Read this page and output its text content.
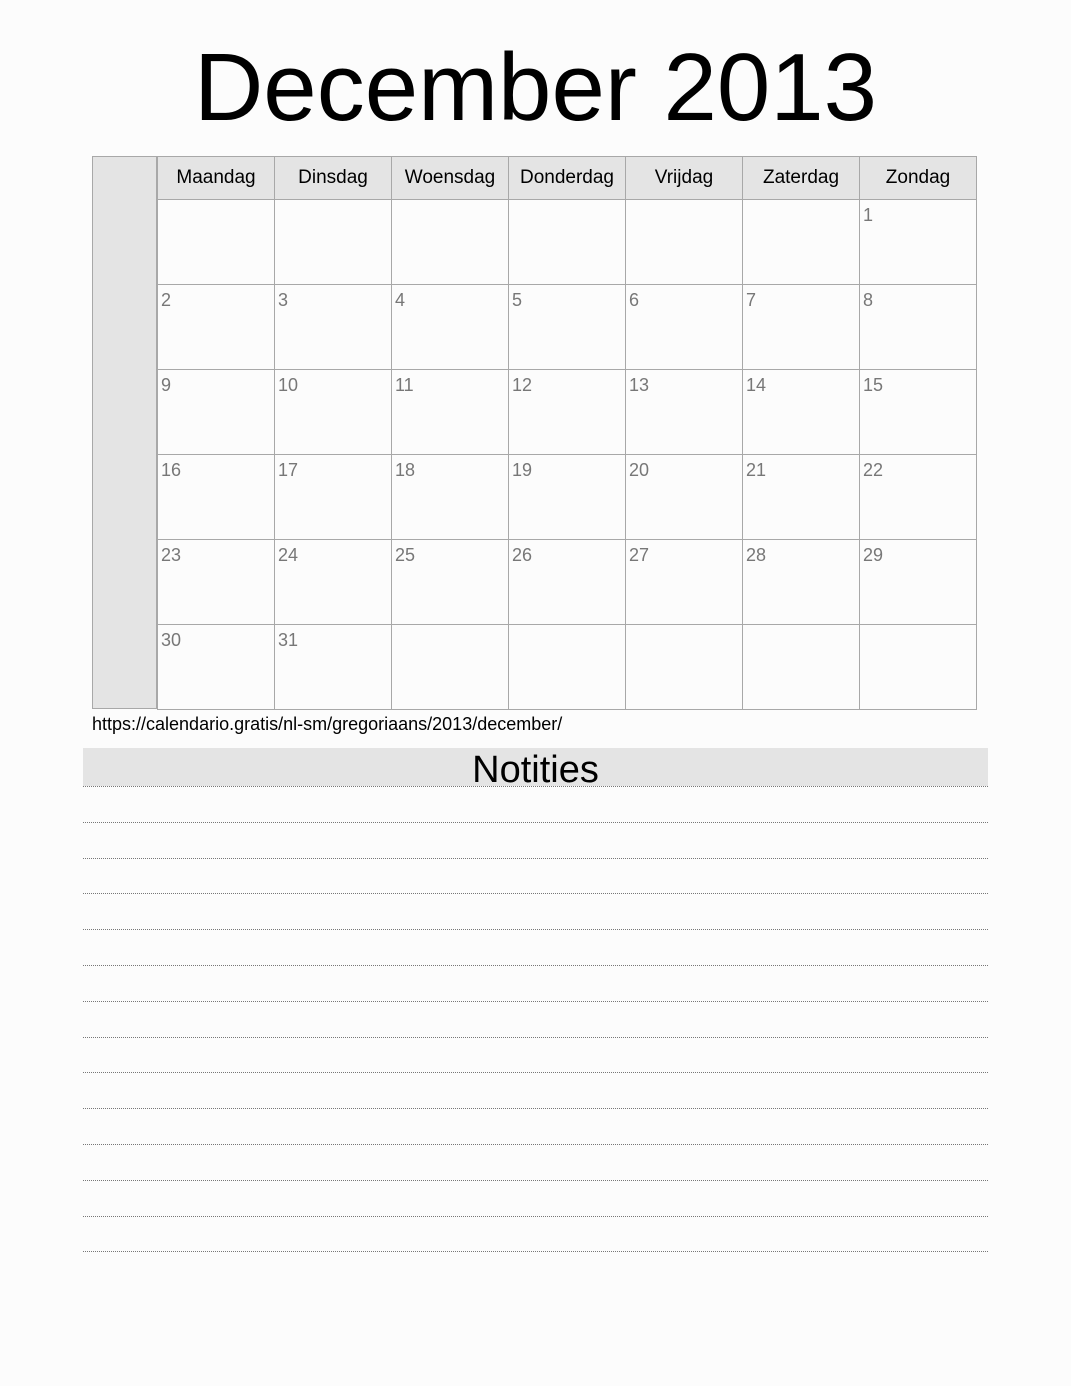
December 2013
Maandag	Dinsdag	Woensdag	Donderdag	Vrijdag	Zaterdag	Zondag

						1

2	3	4	5	6	7	8

9	10	11	12	13	14	15

16	17	18	19	20	21	22

23	24	25	26	27	28	29

30	31					

https://calendario.gratis/nl-sm/gregoriaans/2013/december/
Notities
